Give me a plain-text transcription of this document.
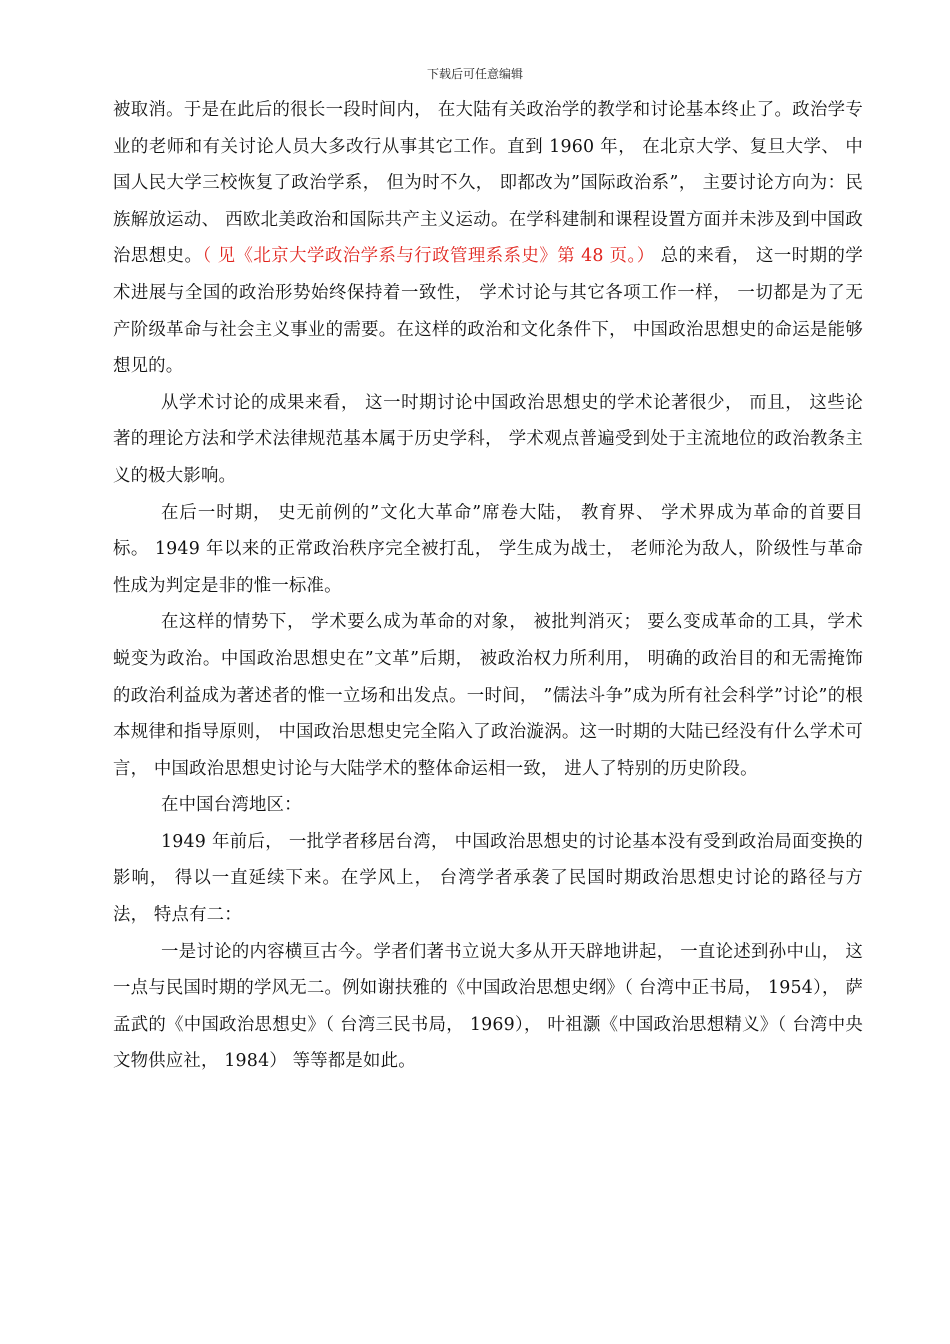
下载后可任意编辑

被取消。于是在此后的很长一段时间内， 在大陆有关政治学的教学和讨论基本终止了。政治学专业的老师和有关讨论人员大多改行从事其它工作。直到 1960 年， 在北京大学、复旦大学、 中国人民大学三校恢复了政治学系， 但为时不久， 即都改为”国际政治系”， 主要讨论方向为：民族解放运动、 西欧北美政治和国际共产主义运动。在学科建制和课程设置方面并未涉及到中国政治思想史。（ 见《北京大学政治学系与行政管理系系史》第 48 页。） 总的来看， 这一时期的学术进展与全国的政治形势始终保持着一致性， 学术讨论与其它各项工作一样， 一切都是为了无产阶级革命与社会主义事业的需要。在这样的政治和文化条件下， 中国政治思想史的命运是能够想见的。

从学术讨论的成果来看， 这一时期讨论中国政治思想史的学术论著很少， 而且， 这些论著的理论方法和学术法律规范基本属于历史学科， 学术观点普遍受到处于主流地位的政治教条主义的极大影响。

在后一时期， 史无前例的”文化大革命”席卷大陆， 教育界、 学术界成为革命的首要目标。 1949 年以来的正常政治秩序完全被打乱， 学生成为战士， 老师沦为敌人，阶级性与革命性成为判定是非的惟一标准。

在这样的情势下， 学术要么成为革命的对象， 被批判消灭； 要么变成革命的工具，学术蜕变为政治。中国政治思想史在”文革”后期， 被政治权力所利用， 明确的政治目的和无需掩饰的政治利益成为著述者的惟一立场和出发点。一时间， ”儒法斗争”成为所有社会科学”讨论”的根本规律和指导原则， 中国政治思想史完全陷入了政治漩涡。这一时期的大陆已经没有什么学术可言， 中国政治思想史讨论与大陆学术的整体命运相一致， 进人了特别的历史阶段。

在中国台湾地区：

1949 年前后， 一批学者移居台湾， 中国政治思想史的讨论基本没有受到政治局面变换的影响， 得以一直延续下来。在学风上， 台湾学者承袭了民国时期政治思想史讨论的路径与方法， 特点有二：

一是讨论的内容横亘古今。学者们著书立说大多从开天辟地讲起， 一直论述到孙中山， 这一点与民国时期的学风无二。例如谢扶雅的《中国政治思想史纲》（ 台湾中正书局， 1954）， 萨孟武的《中国政治思想史》（ 台湾三民书局， 1969）， 叶祖灏《中国政治思想精义》（ 台湾中央文物供应社， 1984） 等等都是如此。
